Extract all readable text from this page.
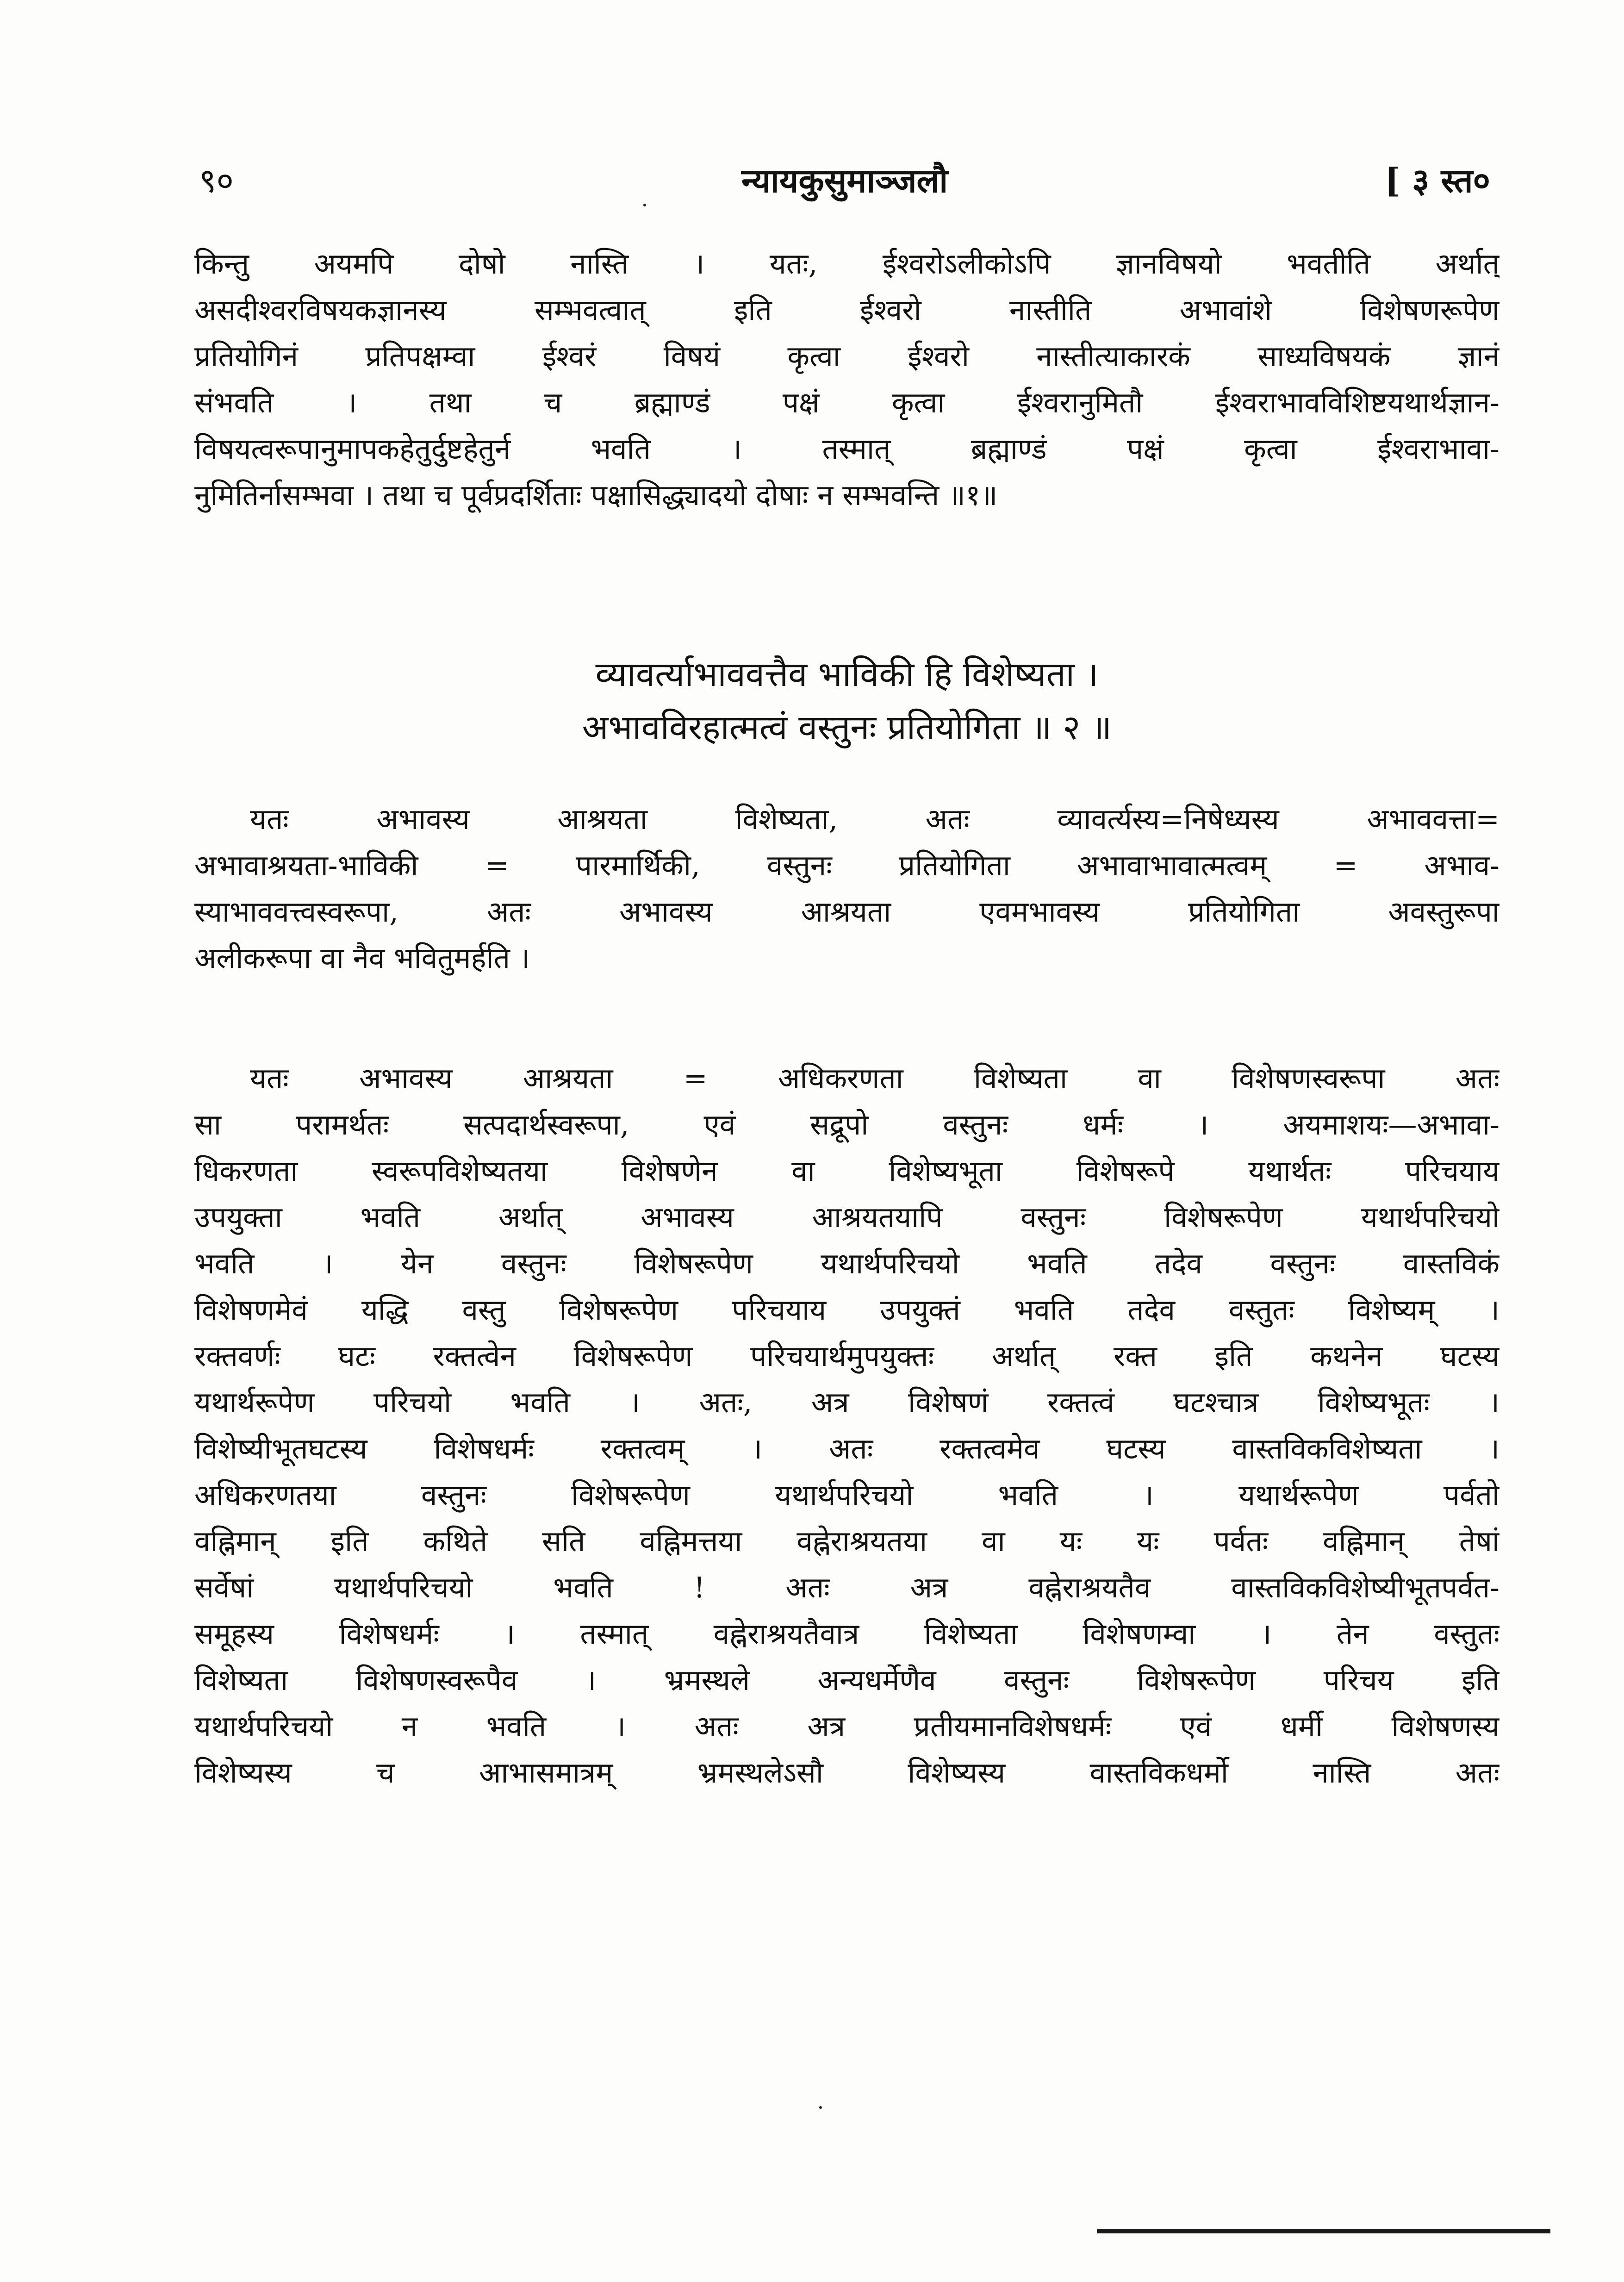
९०	न्यायकुसुमाञ्जलौ	[ ३ स्त०
किन्तु अयमपि दोषो नास्ति । यतः, ईश्वरोऽलीकोऽपि ज्ञानविषयो भवतीति अर्थात्
असदीश्वरविषयकज्ञानस्य सम्भवत्वात् इति ईश्वरो नास्तीति अभावांशे विशेषणरूपेण
प्रतियोगिनं प्रतिपक्षम्वा ईश्वरं विषयं कृत्वा ईश्वरो नास्तीत्याकारकं साध्यविषयकं ज्ञानं
संभवति । तथा च ब्रह्माण्डं पक्षं कृत्वा ईश्वरानुमितौ ईश्वराभावविशिष्टयथार्थज्ञान-
विषयत्वरूपानुमापकहेतुर्दुष्टहेतुर्न भवति । तस्मात् ब्रह्माण्डं पक्षं कृत्वा ईश्वराभावा-
नुमितिर्नासम्भवा । तथा च पूर्वप्रदर्शिताः पक्षासिद्ध्यादयो दोषाः न सम्भवन्ति ॥१॥
व्यावर्त्याभाववत्तैव भाविकी हि विशेष्यता ।
अभावविरहात्मत्वं वस्तुनः प्रतियोगिता ॥ २ ॥
यतः अभावस्य आश्रयता विशेष्यता, अतः व्यावर्त्यस्य=निषेध्यस्य अभाववत्ता=
अभावाश्रयता-भाविकी = पारमार्थिकी, वस्तुनः प्रतियोगिता अभावाभावात्मत्वम् = अभाव-
स्याभाववत्त्वस्वरूपा, अतः अभावस्य आश्रयता एवमभावस्य प्रतियोगिता अवस्तुरूपा
अलीकरूपा वा नैव भवितुमर्हति ।
यतः अभावस्य आश्रयता = अधिकरणता विशेष्यता वा विशेषणस्वरूपा अतः
सा परामर्थतः सत्पदार्थस्वरूपा, एवं सद्रूपो वस्तुनः धर्मः । अयमाशयः—अभावा-
धिकरणता स्वरूपविशेष्यतया विशेषणेन वा विशेष्यभूता विशेषरूपे यथार्थतः परिचयाय
उपयुक्ता भवति अर्थात् अभावस्य आश्रयतयापि वस्तुनः विशेषरूपेण यथार्थपरिचयो
भवति । येन वस्तुनः विशेषरूपेण यथार्थपरिचयो भवति तदेव वस्तुनः वास्तविकं
विशेषणमेवं यद्धि वस्तु विशेषरूपेण परिचयाय उपयुक्तं भवति तदेव वस्तुतः विशेष्यम् ।
रक्तवर्णः घटः रक्तत्वेन विशेषरूपेण परिचयार्थमुपयुक्तः अर्थात् रक्त इति कथनेन घटस्य
यथार्थरूपेण परिचयो भवति । अतः, अत्र विशेषणं रक्तत्वं घटश्चात्र विशेष्यभूतः ।
विशेष्यीभूतघटस्य विशेषधर्मः रक्तत्वम् । अतः रक्तत्वमेव घटस्य वास्तविकविशेष्यता ।
अधिकरणतया वस्तुनः विशेषरूपेण यथार्थपरिचयो भवति । यथार्थरूपेण पर्वतो
वह्निमान् इति कथिते सति वह्निमत्तया वह्नेराश्रयतया वा यः यः पर्वतः वह्निमान् तेषां
सर्वेषां यथार्थपरिचयो भवति ! अतः अत्र वह्नेराश्रयतैव वास्तविकविशेष्यीभूतपर्वत-
समूहस्य विशेषधर्मः । तस्मात् वह्नेराश्रयतैवात्र विशेष्यता विशेषणम्वा । तेन वस्तुतः
विशेष्यता विशेषणस्वरूपैव । भ्रमस्थले अन्यधर्मेणैव वस्तुनः विशेषरूपेण परिचय इति
यथार्थपरिचयो न भवति । अतः अत्र प्रतीयमानविशेषधर्मः एवं धर्मी विशेषणस्य
विशेष्यस्य च आभासमात्रम् भ्रमस्थलेऽसौ विशेष्यस्य वास्तविकधर्मो नास्ति अतः
